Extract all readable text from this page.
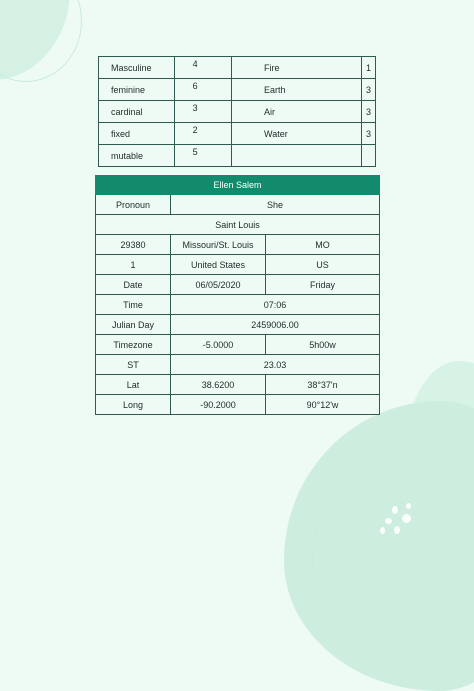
Masculine	4	Fire	1
feminine	6	Earth	3
cardinal	3	Air	3
fixed	2	Water	3
mutable	5		
Ellen Salem		
Pronoun	She	
Saint Louis		
29380	Missouri/St. Louis	MO
1	United States	US
Date	06/05/2020	Friday
Time	07:06	
Julian Day	2459006.00	
Timezone	-5.0000	5h00w
ST	23.03	
Lat	38.6200	38°37'n
Long	-90.2000	90°12'w
